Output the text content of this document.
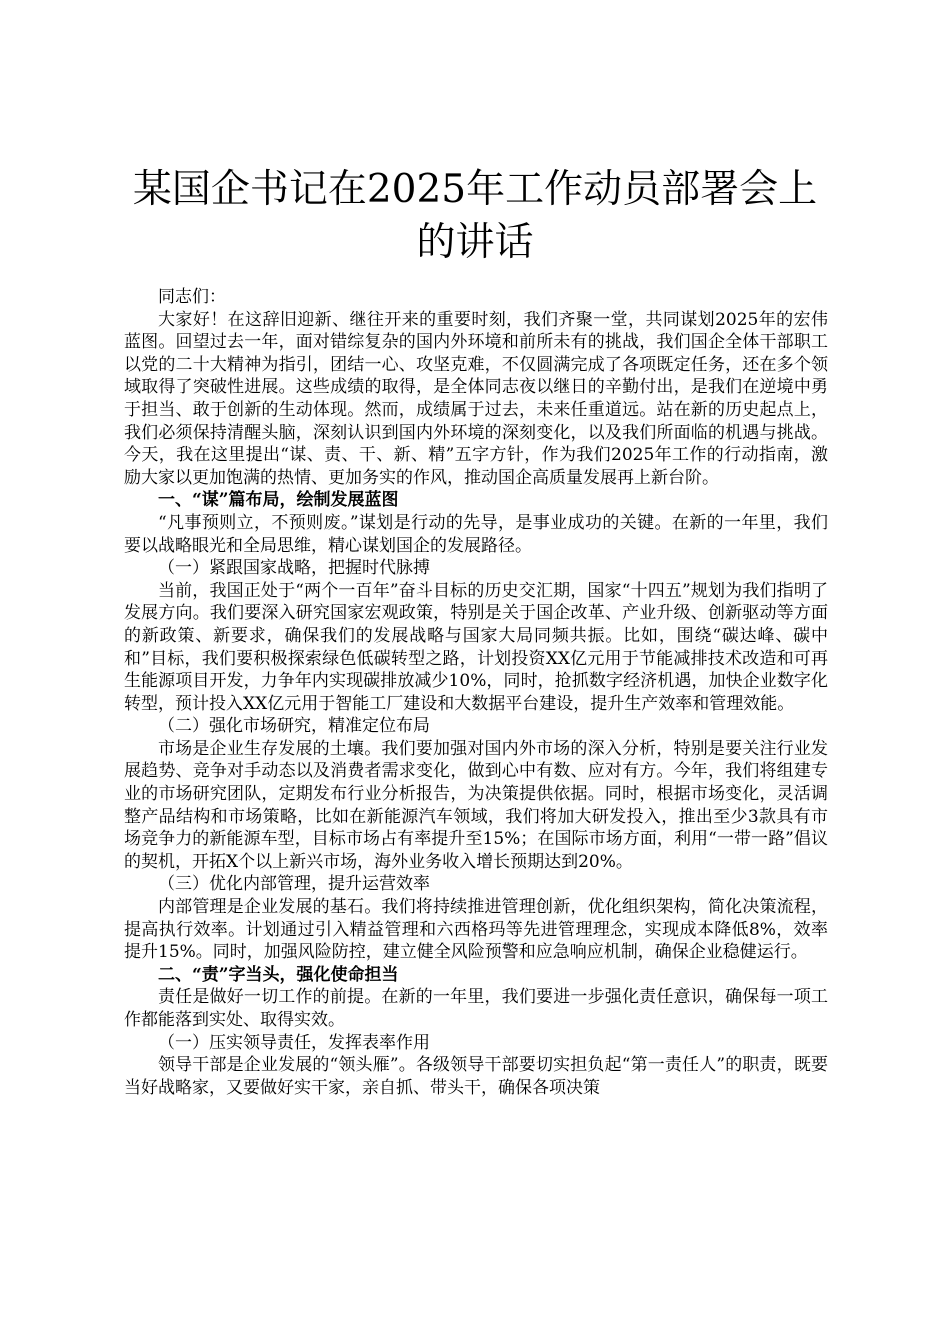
某国企书记在2025年工作动员部署会上的讲话

同志们：

大家好！在这辞旧迎新、继往开来的重要时刻，我们齐聚一堂，共同谋划2025年的宏伟蓝图。回望过去一年，面对错综复杂的国内外环境和前所未有的挑战，我们国企全体干部职工以党的二十大精神为指引，团结一心、攻坚克难，不仅圆满完成了各项既定任务，还在多个领域取得了突破性进展。这些成绩的取得，是全体同志夜以继日的辛勤付出，是我们在逆境中勇于担当、敢于创新的生动体现。然而，成绩属于过去，未来任重道远。站在新的历史起点上，我们必须保持清醒头脑，深刻认识到国内外环境的深刻变化，以及我们所面临的机遇与挑战。今天，我在这里提出“谋、责、干、新、精”五字方针，作为我们2025年工作的行动指南，激励大家以更加饱满的热情、更加务实的作风，推动国企高质量发展再上新台阶。

一、“谋”篇布局，绘制发展蓝图

“凡事预则立，不预则废。”谋划是行动的先导，是事业成功的关键。在新的一年里，我们要以战略眼光和全局思维，精心谋划国企的发展路径。

（一）紧跟国家战略，把握时代脉搏

当前，我国正处于“两个一百年”奋斗目标的历史交汇期，国家“十四五”规划为我们指明了发展方向。我们要深入研究国家宏观政策，特别是关于国企改革、产业升级、创新驱动等方面的新政策、新要求，确保我们的发展战略与国家大局同频共振。比如，围绕“碳达峰、碳中和”目标，我们要积极探索绿色低碳转型之路，计划投资XX亿元用于节能减排技术改造和可再生能源项目开发，力争年内实现碳排放减少10%，同时，抢抓数字经济机遇，加快企业数字化转型，预计投入XX亿元用于智能工厂建设和大数据平台建设，提升生产效率和管理效能。

（二）强化市场研究，精准定位布局

市场是企业生存发展的土壤。我们要加强对国内外市场的深入分析，特别是要关注行业发展趋势、竞争对手动态以及消费者需求变化，做到心中有数、应对有方。今年，我们将组建专业的市场研究团队，定期发布行业分析报告，为决策提供依据。同时，根据市场变化，灵活调整产品结构和市场策略，比如在新能源汽车领域，我们将加大研发投入，推出至少3款具有市场竞争力的新能源车型，目标市场占有率提升至15%；在国际市场方面，利用“一带一路”倡议的契机，开拓X个以上新兴市场，海外业务收入增长预期达到20%。

（三）优化内部管理，提升运营效率

内部管理是企业发展的基石。我们将持续推进管理创新，优化组织架构，简化决策流程，提高执行效率。计划通过引入精益管理和六西格玛等先进管理理念，实现成本降低8%，效率提升15%。同时，加强风险防控，建立健全风险预警和应急响应机制，确保企业稳健运行。

二、“责”字当头，强化使命担当

责任是做好一切工作的前提。在新的一年里，我们要进一步强化责任意识，确保每一项工作都能落到实处、取得实效。

（一）压实领导责任，发挥表率作用

领导干部是企业发展的“领头雁”。各级领导干部要切实担负起“第一责任人”的职责，既要当好战略家，又要做好实干家，亲自抓、带头干，确保各项决策
